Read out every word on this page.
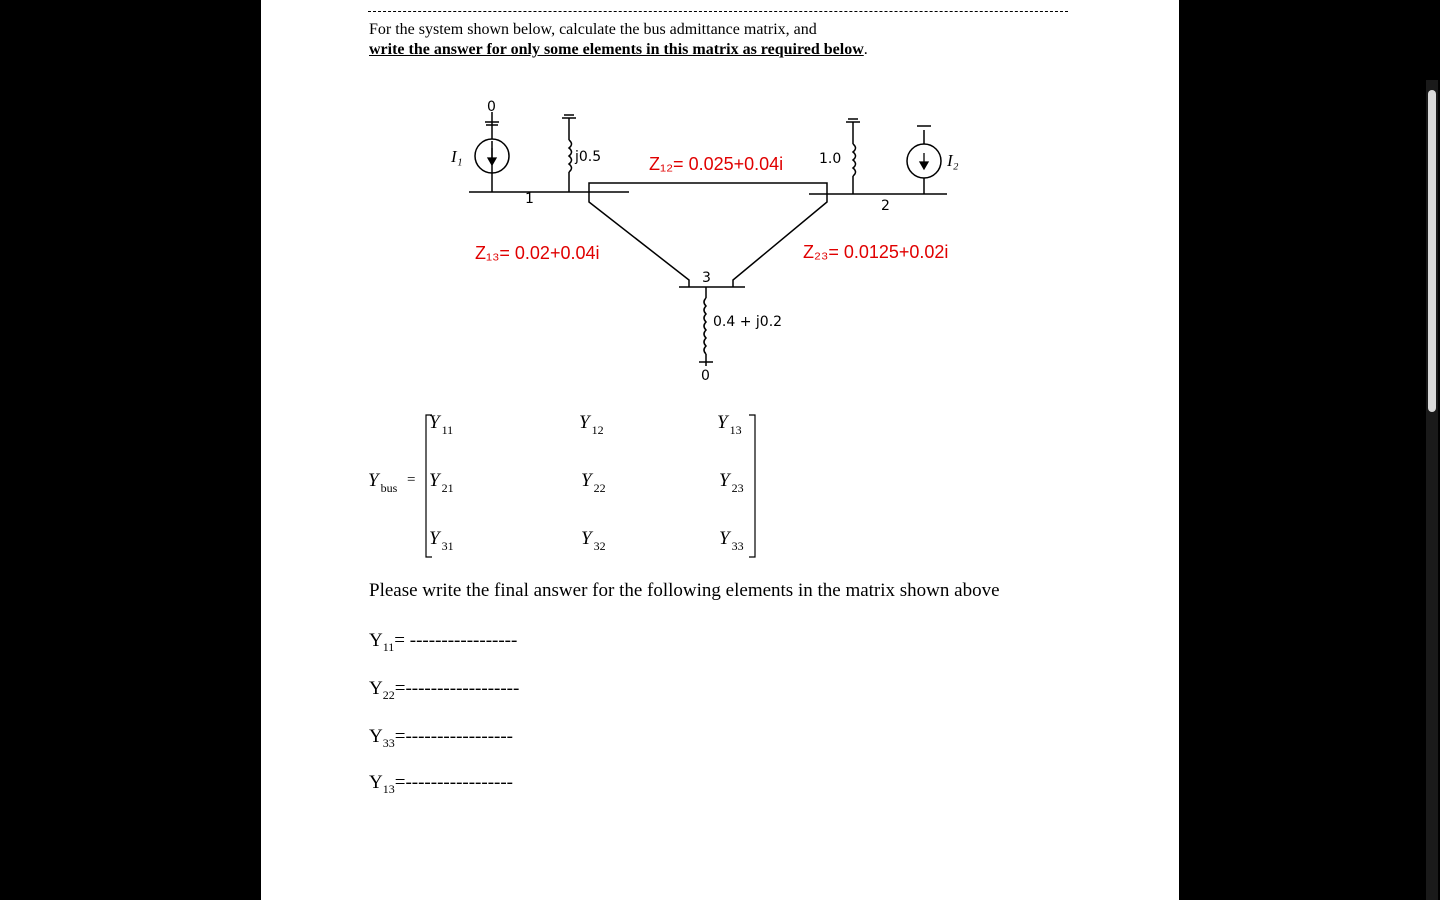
For the system shown below, calculate the bus admittance matrix, and
write the answer for only some elements in this matrix as required below.
Z₁₂= 0.025+0.04i
Z₁₃= 0.02+0.04i	Z₂₃= 0.0125+0.02i
1	2
3
j0.5	1.0
0.4 + j0.2
I₁	I₂
0
0
Y $_{bus}$ =
Y $_{11}$	Y $_{12}$	Y $_{13}$
Y $_{21}$	Y $_{22}$	Y $_{23}$
Y $_{31}$	Y $_{32}$	Y $_{33}$
Please write the final answer for the following elements in the matrix shown above
$Y_{11}=$ -----------------
$Y_{22}=------------------$
$Y_{33}=-----------------$
$Y_{13}=-----------------$
